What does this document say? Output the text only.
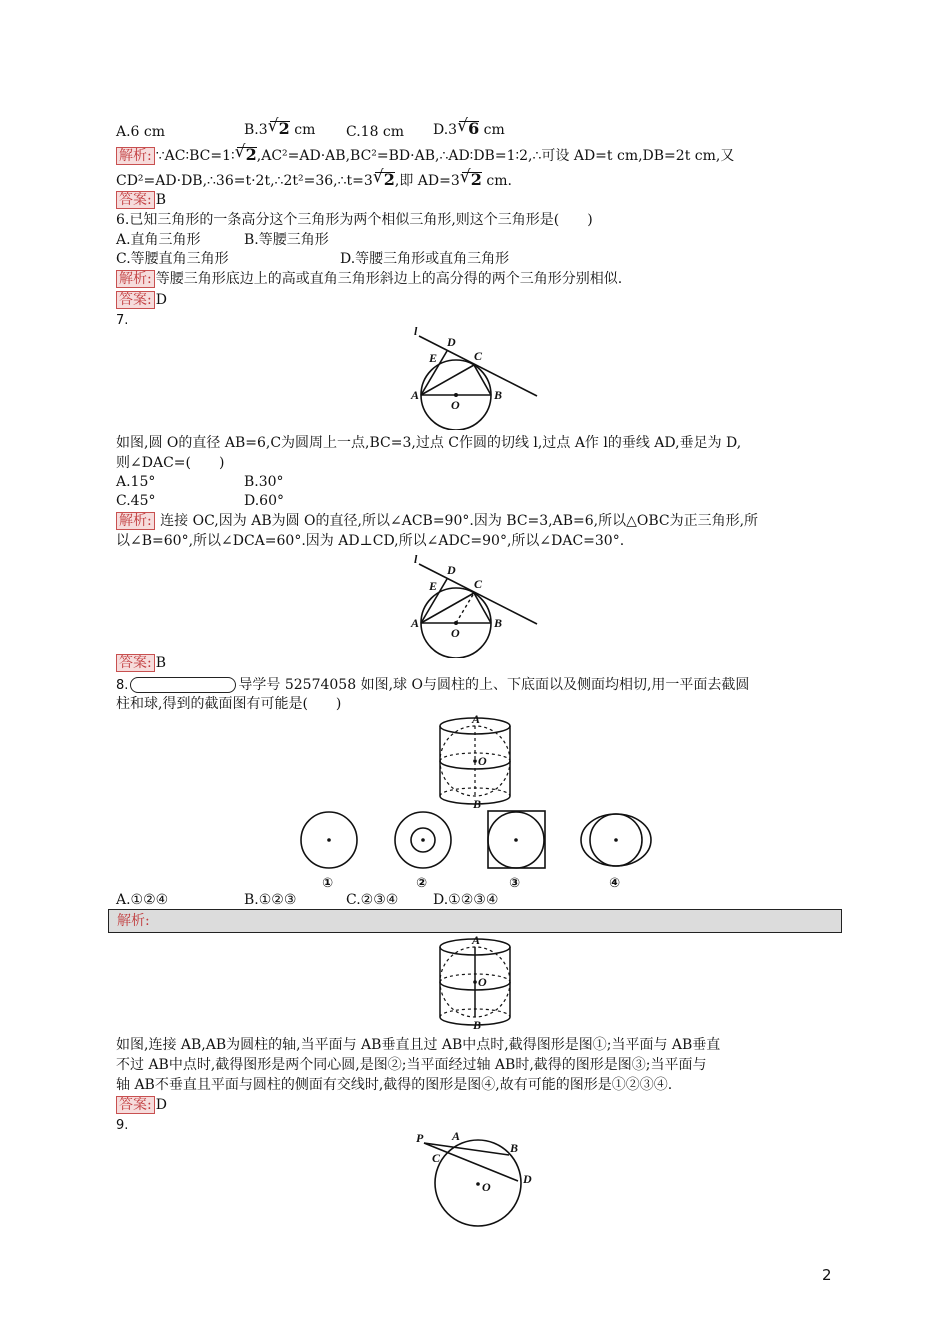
A.6 cm	B.3 √ 2 cm C.18 cm D.3 √ 6 cm
解析: ∵AC∶BC=1∶ √ 2,AC²=AD·AB,BC²=BD·AB,∴AD∶DB=1∶2,∴可设 AD=t cm,DB=2t cm,又
CD²=AD·DB,∴36=t·2t,∴2t²=36,∴t=3 √ 2,即 AD=3 √ 2 cm.
答案: B
6.已知三角形的一条高分这个三角形为两个相似三角形,则这个三角形是(　　)
A.直角三角形	B.等腰三角形
C.等腰直角三角形	D.等腰三角形或直角三角形
解析: 等腰三角形底边上的高或直角三角形斜边上的高分得的两个三角形分别相似.
答案: D
7.
l
D
E	C
A	B
O
如图,圆 O的直径 AB=6,C为圆周上一点,BC=3,过点 C作圆的切线 l,过点 A作 l的垂线 AD,垂足为 D,
则∠DAC=(　　)
A.15°	B.30°
C.45°	D.60°
解析: 连接 OC,因为 AB为圆 O的直径,所以∠ACB=90°.因为 BC=3,AB=6,所以△OBC为正三角形,所
以∠B=60°,所以∠DCA=60°.因为 AD⊥CD,所以∠ADC=90°,所以∠DAC=30°.
l
D
E	C
A	B
O
答案: B
8.	导学号 52574058 如图,球 O与圆柱的上、下底面以及侧面均相切,用一平面去截圆
柱和球,得到的截面图有可能是(　　)
A
O
B
①	②	③	④
A.①②④	B.①②③	C.②③④ D.①②③④
解析:
A
O
B
如图,连接 AB,AB为圆柱的轴,当平面与 AB垂直且过 AB中点时,截得图形是图①;当平面与 AB垂直
不过 AB中点时,截得图形是两个同心圆,是图②;当平面经过轴 AB时,截得的图形是图③;当平面与
轴 AB不垂直且平面与圆柱的侧面有交线时,截得的图形是图④,故有可能的图形是①②③④.
答案: D
9.
P A
B
C
D
O
2
